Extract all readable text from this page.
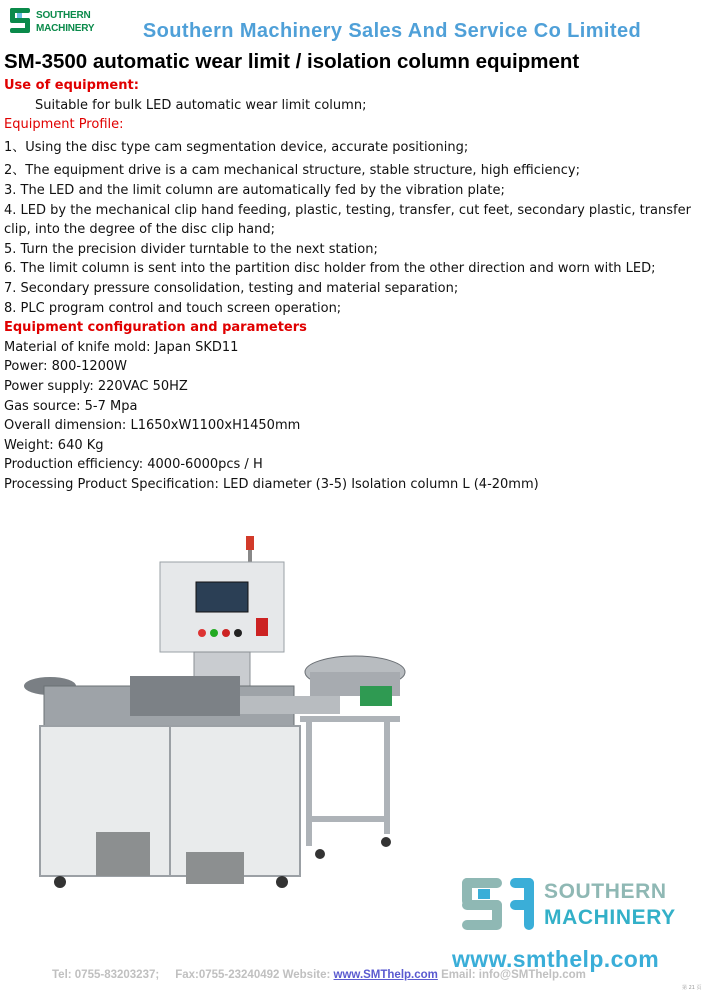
SOUTHERN
MACHINERY	Southern Machinery Sales And Service Co Limited
SM-3500 automatic wear limit / isolation column equipment

Use of equipment:

Suitable for bulk LED automatic wear limit column;

Equipment Profile:

1、Using the disc type cam segmentation device, accurate positioning;

2、The equipment drive is a cam mechanical structure, stable structure, high efficiency;

3. The LED and the limit column are automatically fed by the vibration plate;

4. LED by the mechanical clip hand feeding, plastic, testing, transfer, cut feet, secondary plastic, transfer clip, into the degree of the disc clip hand;

5. Turn the precision divider turntable to the next station;

6. The limit column is sent into the partition disc holder from the other direction and worn with LED;

7. Secondary pressure consolidation, testing and material separation;

8. PLC program control and touch screen operation;

Equipment configuration and parameters

Material of knife mold: Japan SKD11

Power: 800-1200W

Power supply: 220VAC 50HZ

Gas source: 5-7 Mpa

Overall dimension: L1650xW1100xH1450mm

Weight: 640 Kg

Production efficiency: 4000-6000pcs / H

Processing Product Specification: LED diameter (3-5) Isolation column L (4-20mm)

SOUTHERN
MACHINERY
www.smthelp.com
Tel: 0755-83203237; Fax:0755-23240492 Website: www.SMThelp.com Email: info@SMThelp.com
第 21 页
